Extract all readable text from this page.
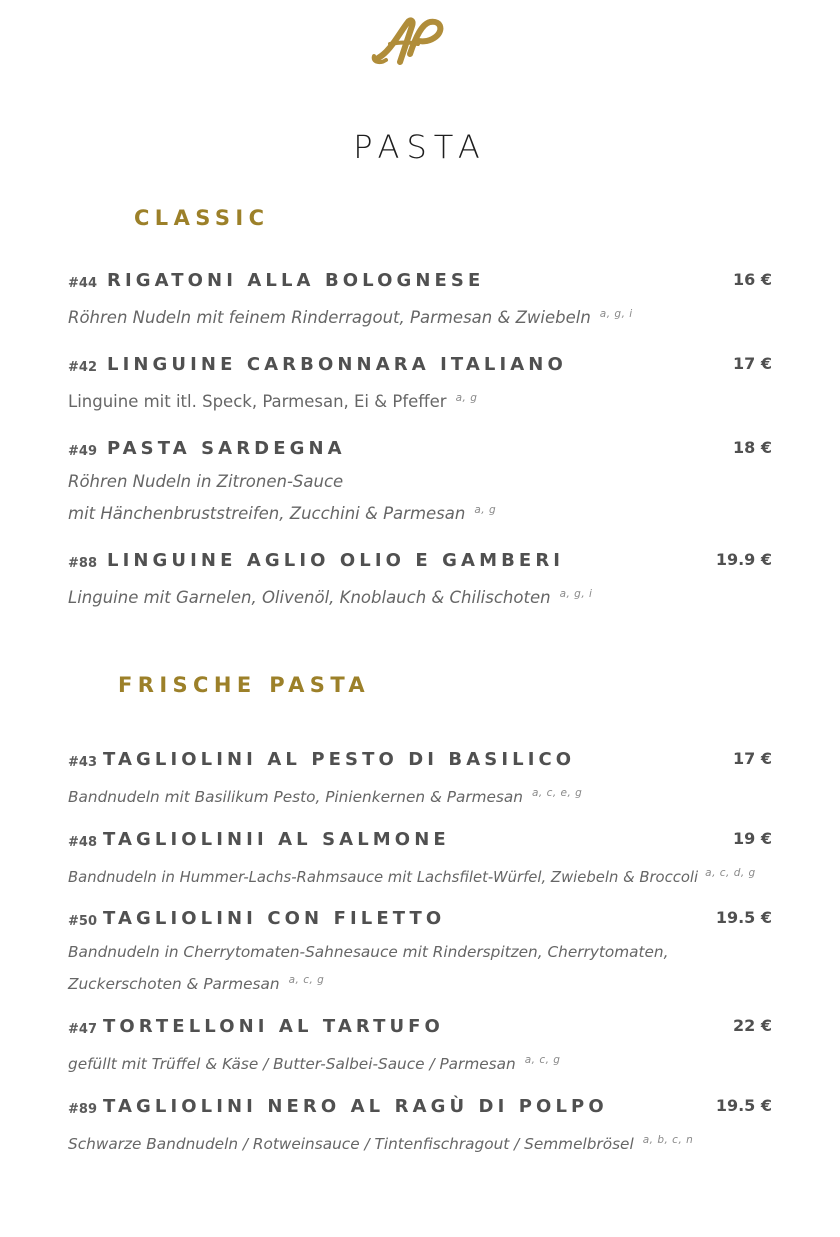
PASTA
CLASSIC
#44 RIGATONI ALLA BOLOGNESE	16 €
Röhren Nudeln mit feinem Rinderragout, Parmesan & Zwiebeln $^{a, g, i}$
#42 LINGUINE CARBONNARA ITALIANO	17 €
Linguine mit itl. Speck, Parmesan, Ei & Pfeffer $^{a, g}$
#49 PASTA SARDEGNA	18 €
Röhren Nudeln in Zitronen-Sauce
mit Hänchenbruststreifen, Zucchini & Parmesan $^{a, g}$
#88 LINGUINE AGLIO OLIO E GAMBERI	19.9 €
Linguine mit Garnelen, Olivenöl, Knoblauch & Chilischoten $^{a, g, i}$
FRISCHE PASTA
#43 TAGLIOLINI AL PESTO DI BASILICO	17 €
Bandnudeln mit Basilikum Pesto, Pinienkernen & Parmesan $^{a, c, e, g}$
#48 TAGLIOLINII AL SALMONE	19 €
Bandnudeln in Hummer-Lachs-Rahmsauce mit Lachsfilet-Würfel, Zwiebeln & Broccoli $^{a, c, d, g}$
#50 TAGLIOLINI CON FILETTO	19.5 €
Bandnudeln in Cherrytomaten-Sahnesauce mit Rinderspitzen, Cherrytomaten,
Zuckerschoten & Parmesan $^{a, c, g}$
#47 TORTELLONI AL TARTUFO	22 €
gefüllt mit Trüffel & Käse / Butter-Salbei-Sauce / Parmesan $^{a, c, g}$
#89 TAGLIOLINI NERO AL RAGÙ DI POLPO	19.5 €
Schwarze Bandnudeln / Rotweinsauce / Tintenfischragout / Semmelbrösel $^{a, b, c, n}$
